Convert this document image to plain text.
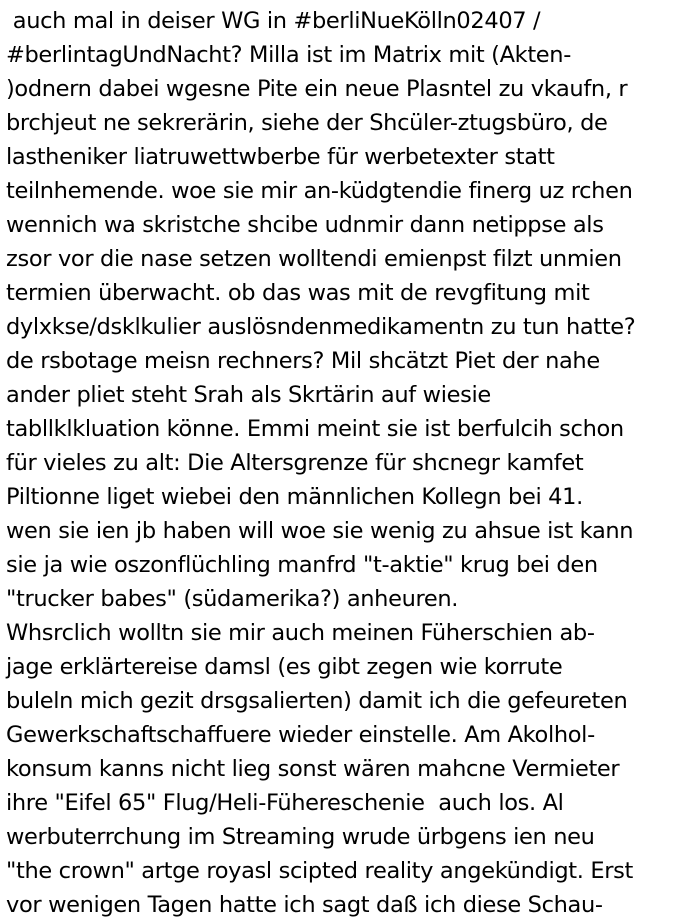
auch mal in deiser WG in #berliNueKölln02407 /
#berlintagUndNacht? Milla ist im Matrix mit (Akten-
)odnern dabei wgesne Pite ein neue Plasntel zu vkaufn, r
brchjeut ne sekrerärin, siehe der Shcüler-ztugsbüro, de
lastheniker liatruwettwberbe für werbetexter statt
teilnhemende. woe sie mir an-küdgtendie finerg uz rchen
wennich wa skristche shcibe udnmir dann netippse als
zsor vor die nase setzen wolltendi emienpst filzt unmien
termien überwacht. ob das was mit de revgfitung mit
dylxkse/dsklkulier auslösndenmedikamentn zu tun hatte?
de rsbotage meisn rechners? Mil shcätzt Piet der nahe
ander pliet steht Srah als Skrtärin auf wiesie
tabllklkluation könne. Emmi meint sie ist berfulcih schon
für vieles zu alt: Die Altersgrenze für shcnegr kamfet
Piltionne liget wiebei den männlichen Kollegn bei 41.
wen sie ien jb haben will woe sie wenig zu ahsue ist kann
sie ja wie oszonflüchling manfrd "t-aktie" krug bei den
"trucker babes" (südamerika?) anheuren.
Whsrclich wolltn sie mir auch meinen Füherschien ab-
jage erklärtereise damsl (es gibt zegen wie korrute
buleln mich gezit drsgsalierten) damit ich die gefeureten
Gewerkschaftschaffuere wieder einstelle. Am Akolhol-
konsum kanns nicht lieg sonst wären mahcne Vermieter
ihre "Eifel 65" Flug/Heli-Fühereschenie  auch los. Al
werbuterrchung im Streaming wrude ürbgens ien neu
"the crown" artge royasl scipted reality angekündigt. Erst
vor wenigen Tagen hatte ich sagt daß ich diese Schau-
